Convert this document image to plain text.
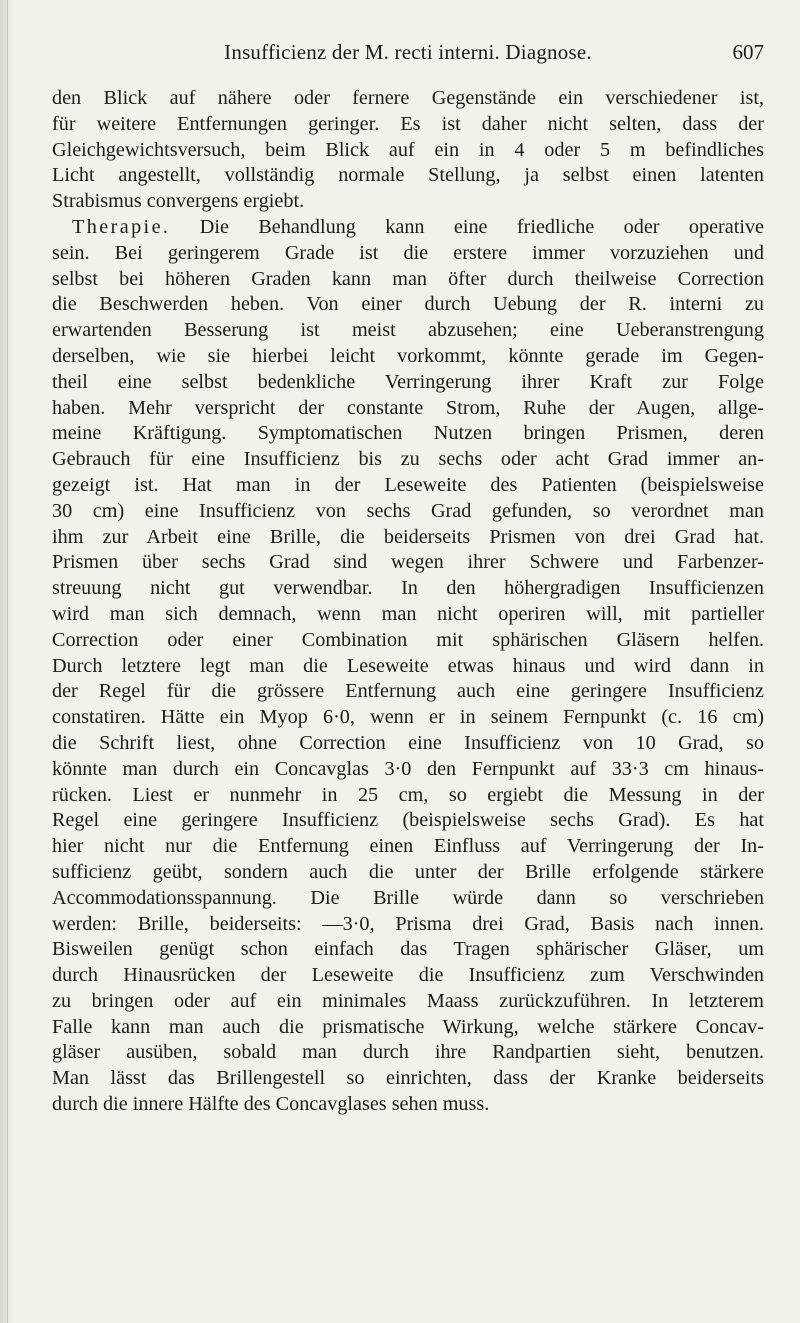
Insufficienz der M. recti interni. Diagnose.	607
den Blick auf nähere oder fernere Gegenstände ein verschiedener ist,
für weitere Entfernungen geringer. Es ist daher nicht selten, dass der
Gleichgewichtsversuch, beim Blick auf ein in 4 oder 5 m befindliches
Licht angestellt, vollständig normale Stellung, ja selbst einen latenten
Strabismus convergens ergiebt.
Therapie. Die Behandlung kann eine friedliche oder operative
sein. Bei geringerem Grade ist die erstere immer vorzuziehen und
selbst bei höheren Graden kann man öfter durch theilweise Correction
die Beschwerden heben. Von einer durch Uebung der R. interni zu
erwartenden Besserung ist meist abzusehen; eine Ueberanstrengung
derselben, wie sie hierbei leicht vorkommt, könnte gerade im Gegen-
theil eine selbst bedenkliche Verringerung ihrer Kraft zur Folge
haben. Mehr verspricht der constante Strom, Ruhe der Augen, allge-
meine Kräftigung. Symptomatischen Nutzen bringen Prismen, deren
Gebrauch für eine Insufficienz bis zu sechs oder acht Grad immer an-
gezeigt ist. Hat man in der Leseweite des Patienten (beispielsweise
30 cm) eine Insufficienz von sechs Grad gefunden, so verordnet man
ihm zur Arbeit eine Brille, die beiderseits Prismen von drei Grad hat.
Prismen über sechs Grad sind wegen ihrer Schwere und Farbenzer-
streuung nicht gut verwendbar. In den höhergradigen Insufficienzen
wird man sich demnach, wenn man nicht operiren will, mit partieller
Correction oder einer Combination mit sphärischen Gläsern helfen.
Durch letztere legt man die Leseweite etwas hinaus und wird dann in
der Regel für die grössere Entfernung auch eine geringere Insufficienz
constatiren. Hätte ein Myop 6·0, wenn er in seinem Fernpunkt (c. 16 cm)
die Schrift liest, ohne Correction eine Insufficienz von 10 Grad, so
könnte man durch ein Concavglas 3·0 den Fernpunkt auf 33·3 cm hinaus-
rücken. Liest er nunmehr in 25 cm, so ergiebt die Messung in der
Regel eine geringere Insufficienz (beispielsweise sechs Grad). Es hat
hier nicht nur die Entfernung einen Einfluss auf Verringerung der In-
sufficienz geübt, sondern auch die unter der Brille erfolgende stärkere
Accommodationsspannung. Die Brille würde dann so verschrieben
werden: Brille, beiderseits: —3·0, Prisma drei Grad, Basis nach innen.
Bisweilen genügt schon einfach das Tragen sphärischer Gläser, um
durch Hinausrücken der Leseweite die Insufficienz zum Verschwinden
zu bringen oder auf ein minimales Maass zurückzuführen. In letzterem
Falle kann man auch die prismatische Wirkung, welche stärkere Concav-
gläser ausüben, sobald man durch ihre Randpartien sieht, benutzen.
Man lässt das Brillengestell so einrichten, dass der Kranke beiderseits
durch die innere Hälfte des Concavglases sehen muss.
